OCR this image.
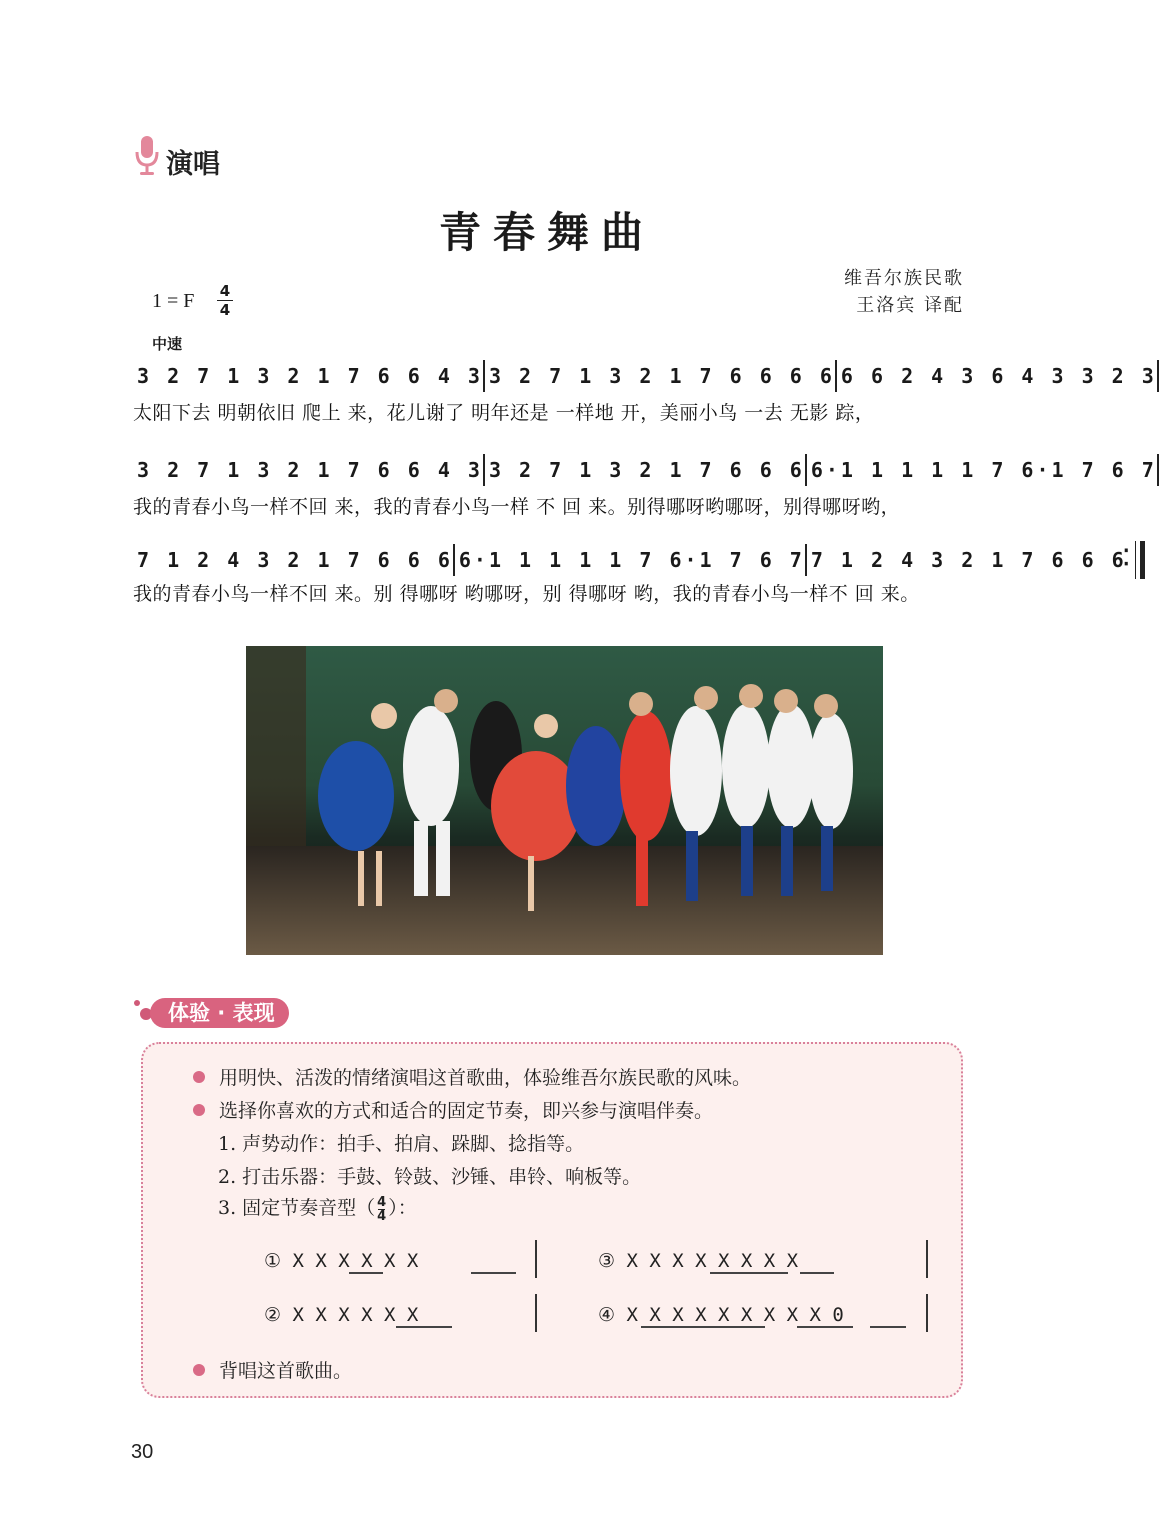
演唱
青春舞曲
维吾尔族民歌
王洛宾 译配
1 = F	4
4
中速
3 2 7 1 3 2 1 7 6 6 4 3 3 2 7 1 3 2 1 7 6 6 6 6 6 6 2 4 3 6 4 3 3 2 3
太阳下去 明朝依旧 爬上 来，花儿谢了 明年还是 一样地 开，美丽小鸟 一去 无影 踪，
3 2 7 1 3 2 1 7 6 6 4 3 3 2 7 1 3 2 1 7 6 6 6 6·1 1 1 1 1 7 6·1 7 6 7
我的青春小鸟一样不回 来，我的青春小鸟一样 不 回 来。别得哪呀哟哪呀，别得哪呀哟，
7 1 2 4 3 2 1 7 6 6 6 6·1 1 1 1 1 7 6·1 7 6 7 7 1 2 4 3 2 1 7 6 6 6
⁚
我的青春小鸟一样不回 来。别 得哪呀 哟哪呀，别 得哪呀 哟，我的青春小鸟一样不 回 来。
体验 · 表现
用明快、活泼的情绪演唱这首歌曲，体验维吾尔族民歌的风味。
选择你喜欢的方式和适合的固定节奏，即兴参与演唱伴奏。
1. 声势动作：拍手、拍肩、跺脚、捻指等。
2. 打击乐器：手鼓、铃鼓、沙锤、串铃、响板等。
3. 固定节奏音型（ $\frac{4}{4}$ ）：
① X X X X X X
② X X X X X X
③ X X X X X X X X
④ X X X X X X X X X 0
背唱这首歌曲。
30
